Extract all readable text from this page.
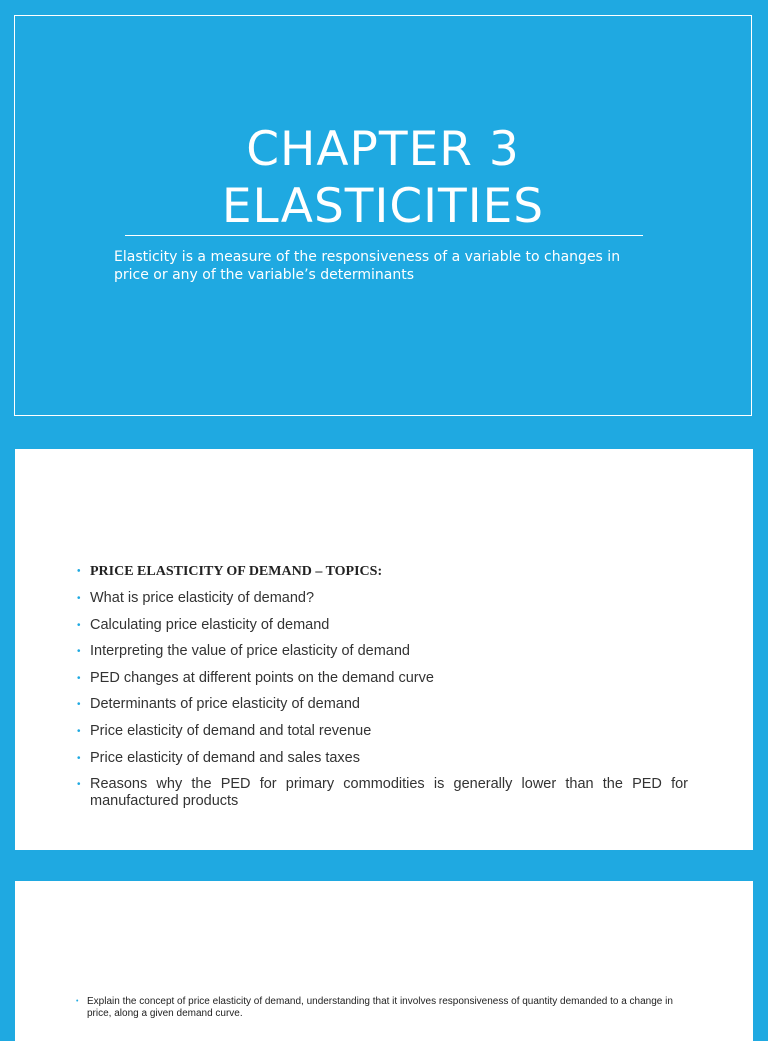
CHAPTER 3
ELASTICITIES
Elasticity is a measure of the responsiveness of a variable to changes in price or any of the variable’s determinants
• PRICE ELASTICITY OF DEMAND – TOPICS:
• What is price elasticity of demand?
• Calculating price elasticity of demand
• Interpreting the value of price elasticity of demand
• PED changes at different points on the demand curve
• Determinants of price elasticity of demand
• Price elasticity of demand and total revenue
• Price elasticity of demand and sales taxes
• Reasons why the PED for primary commodities is generally lower than the PED for manufactured products
• Explain the concept of price elasticity of demand, understanding that it involves responsiveness of quantity demanded to a change in price, along a given demand curve.
